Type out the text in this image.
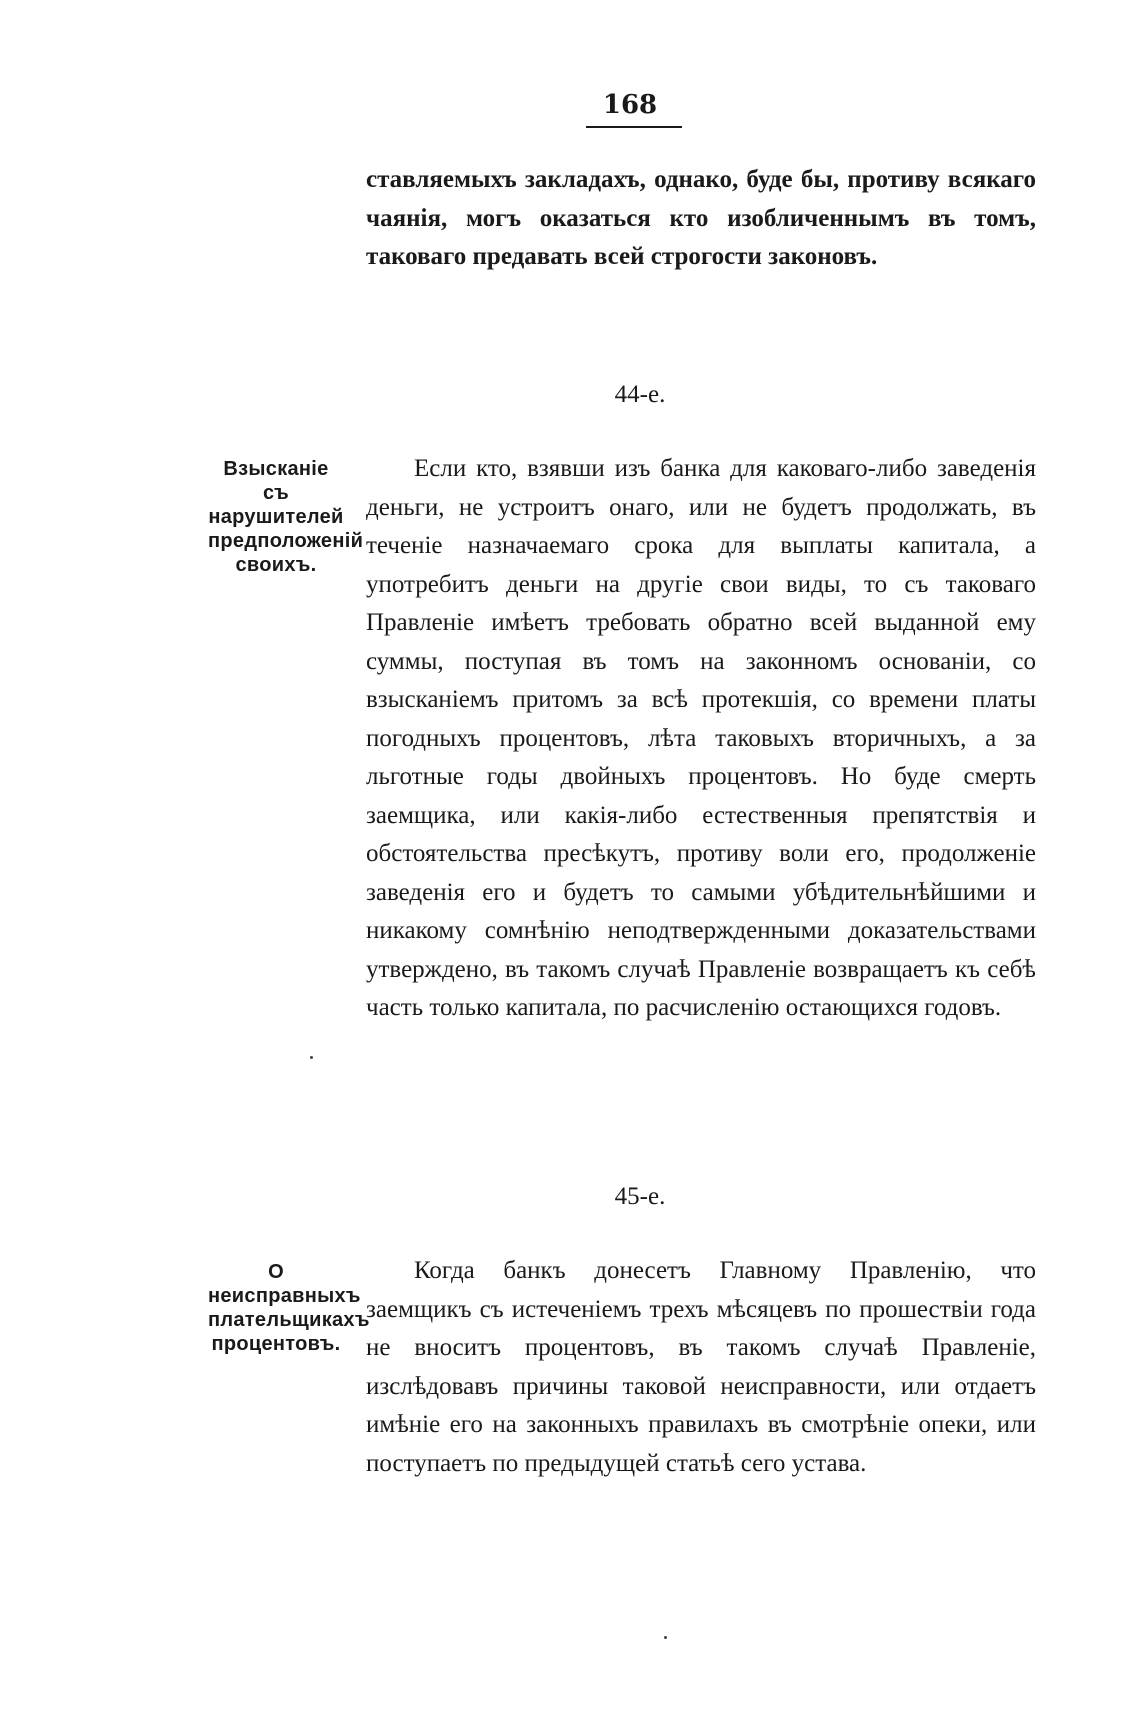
168

ставляемыхъ закладахъ, однако, буде бы, противу всякаго чаянія, могъ оказаться кто изобличеннымъ въ томъ, таковаго предавать всей строгости законовъ.

44-е.

Взысканіе съ нарушителей предположеній своихъ.

Если кто, взявши изъ банка для каковаго-либо заведенія деньги, не устроитъ онаго, или не будетъ продолжать, въ теченіе назначаемаго срока для выплаты капитала, а употребитъ деньги на другіе свои виды, то съ таковаго Правленіе имѣетъ требовать обратно всей выданной ему суммы, поступая въ томъ на законномъ основаніи, со взысканіемъ притомъ за всѣ протекшія, со времени платы погодныхъ процентовъ, лѣта таковыхъ вторичныхъ, а за льготные годы двойныхъ процентовъ. Но буде смерть заемщика, или какія-либо естественныя препятствія и обстоятельства пресѣкутъ, противу воли его, продолженіе заведенія его и будетъ то самыми убѣдительнѣйшими и никакому сомнѣнію неподтвержденными доказательствами утверждено, въ такомъ случаѣ Правленіе возвращаетъ къ себѣ часть только капитала, по расчисленію остающихся годовъ.

45-е.

О неисправныхъ плательщикахъ процентовъ.

Когда банкъ донесетъ Главному Правленію, что заемщикъ съ истеченіемъ трехъ мѣсяцевъ по прошествіи года не вноситъ процентовъ, въ такомъ случаѣ Правленіе, изслѣдовавъ причины таковой неисправности, или отдаетъ имѣніе его на законныхъ правилахъ въ смотрѣніе опеки, или поступаетъ по предыдущей статьѣ сего устава.
